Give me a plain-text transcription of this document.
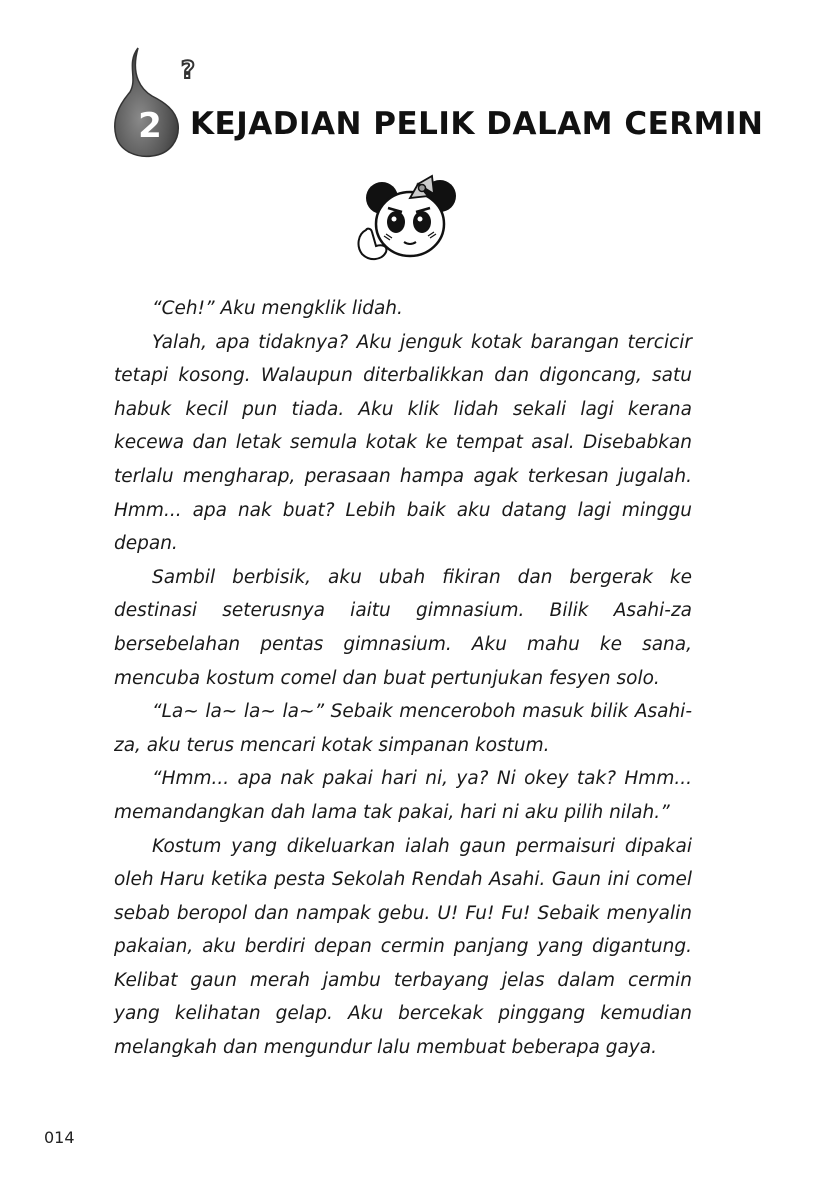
?
2 KEJADIAN PELIK DALAM CERMIN

“Ceh!” Aku mengklik lidah.

Yalah, apa tidaknya? Aku jenguk kotak barangan tercicir tetapi kosong. Walaupun diterbalikkan dan digoncang, satu habuk kecil pun tiada. Aku klik lidah sekali lagi kerana kecewa dan letak semula kotak ke tempat asal. Disebabkan terlalu mengharap, perasaan hampa agak terkesan jugalah. Hmm... apa nak buat? Lebih baik aku datang lagi minggu depan.

Sambil berbisik, aku ubah fikiran dan bergerak ke destinasi seterusnya iaitu gimnasium. Bilik Asahi-za bersebelahan pentas gimnasium. Aku mahu ke sana, mencuba kostum comel dan buat pertunjukan fesyen solo.

“La~ la~ la~ la~” Sebaik menceroboh masuk bilik Asahi-za, aku terus mencari kotak simpanan kostum.

“Hmm... apa nak pakai hari ni, ya? Ni okey tak? Hmm... memandangkan dah lama tak pakai, hari ni aku pilih nilah.”

Kostum yang dikeluarkan ialah gaun permaisuri dipakai oleh Haru ketika pesta Sekolah Rendah Asahi. Gaun ini comel sebab beropol dan nampak gebu. U! Fu! Fu! Sebaik menyalin pakaian, aku berdiri depan cermin panjang yang digantung. Kelibat gaun merah jambu terbayang jelas dalam cermin yang kelihatan gelap. Aku bercekak pinggang kemudian melangkah dan mengundur lalu membuat beberapa gaya.

014
